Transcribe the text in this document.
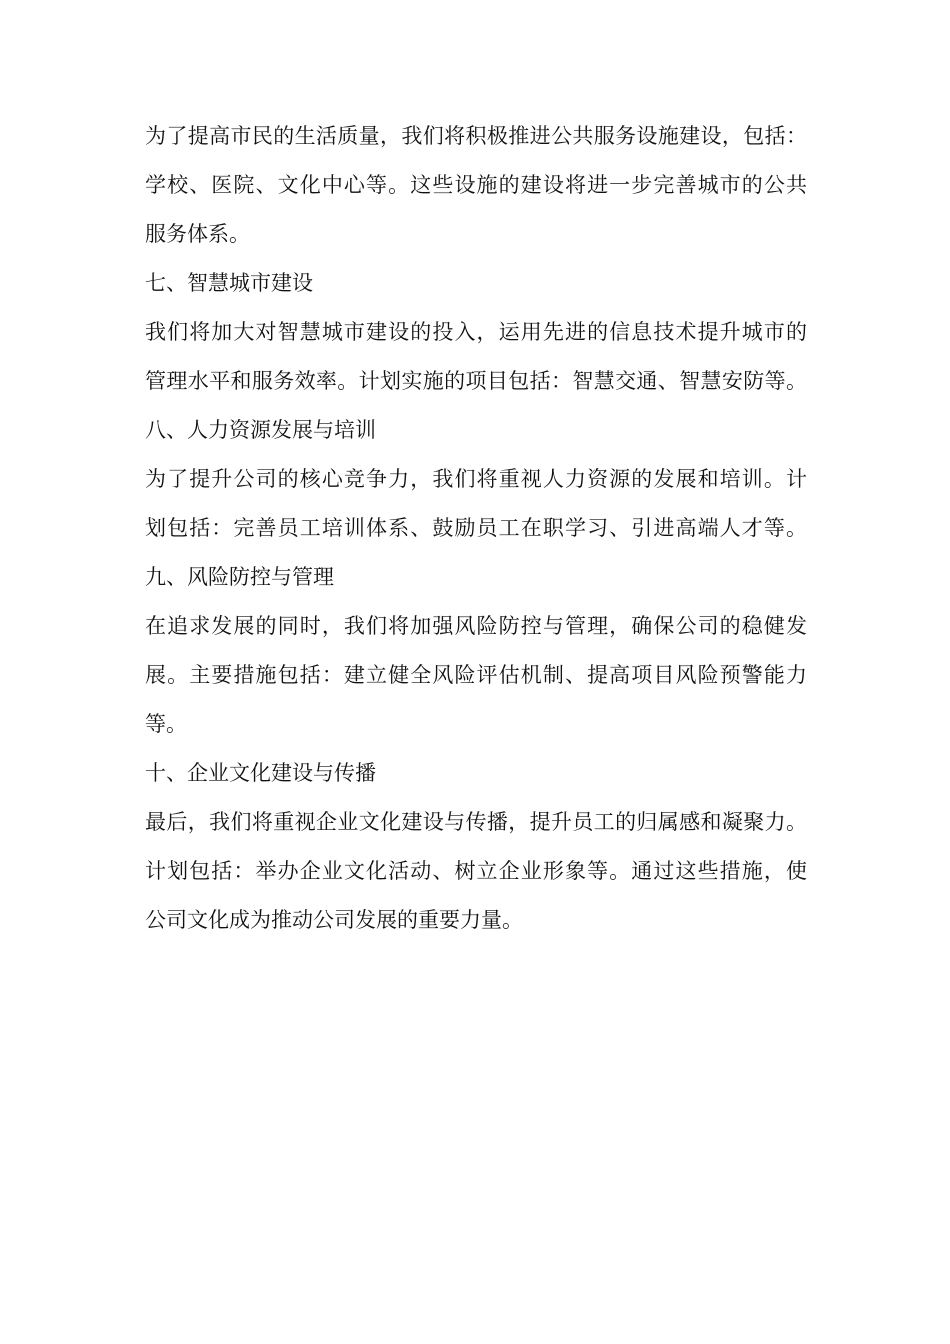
为了提高市民的生活质量，我们将积极推进公共服务设施建设，包括：
学校、医院、文化中心等。这些设施的建设将进一步完善城市的公共
服务体系。
七、智慧城市建设
我们将加大对智慧城市建设的投入，运用先进的信息技术提升城市的
管理水平和服务效率。计划实施的项目包括：智慧交通、智慧安防等。
八、人力资源发展与培训
为了提升公司的核心竞争力，我们将重视人力资源的发展和培训。计
划包括：完善员工培训体系、鼓励员工在职学习、引进高端人才等。
九、风险防控与管理
在追求发展的同时，我们将加强风险防控与管理，确保公司的稳健发
展。主要措施包括：建立健全风险评估机制、提高项目风险预警能力
等。
十、企业文化建设与传播
最后，我们将重视企业文化建设与传播，提升员工的归属感和凝聚力。
计划包括：举办企业文化活动、树立企业形象等。通过这些措施，使
公司文化成为推动公司发展的重要力量。
